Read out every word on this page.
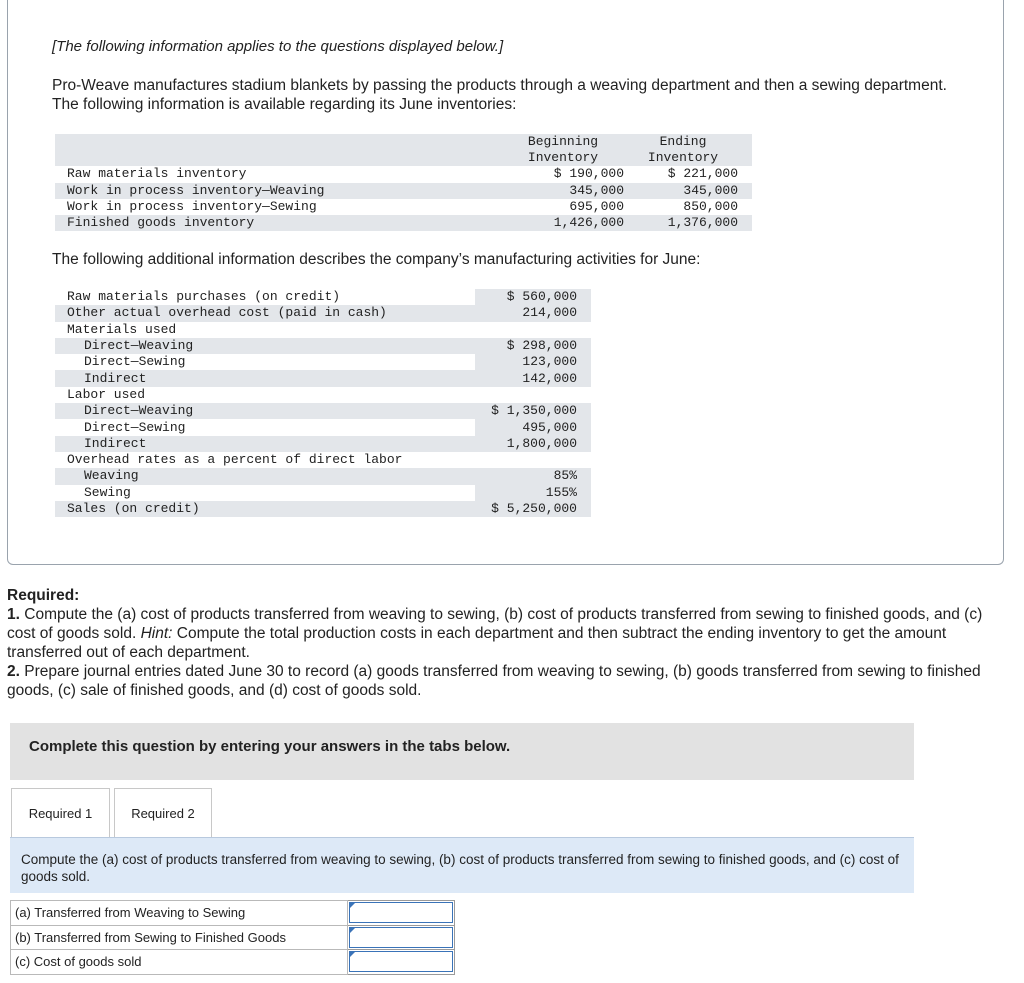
[The following information applies to the questions displayed below.]

Pro-Weave manufactures stadium blankets by passing the products through a weaving department and then a sewing department. The following information is available regarding its June inventories:

	Beginning	Ending
	Inventory	Inventory
Raw materials inventory	$ 190,000	$ 221,000
Work in process inventory—Weaving	345,000	345,000
Work in process inventory—Sewing	695,000	850,000
Finished goods inventory	1,426,000	1,376,000

The following additional information describes the company’s manufacturing activities for June:

Raw materials purchases (on credit)	$ 560,000
Other actual overhead cost (paid in cash)	214,000
Materials used	
Direct—Weaving	$ 298,000
Direct—Sewing	123,000
Indirect	142,000
Labor used	
Direct—Weaving	$ 1,350,000
Direct—Sewing	495,000
Indirect	1,800,000
Overhead rates as a percent of direct labor	
Weaving	85%
Sewing	155%
Sales (on credit)	$ 5,250,000
Required:
1. Compute the (a) cost of products transferred from weaving to sewing, (b) cost of products transferred from sewing to finished goods, and (c) cost of goods sold. Hint: Compute the total production costs in each department and then subtract the ending inventory to get the amount transferred out of each department.
2. Prepare journal entries dated June 30 to record (a) goods transferred from weaving to sewing, (b) goods transferred from sewing to finished goods, (c) sale of finished goods, and (d) cost of goods sold.
Complete this question by entering your answers in the tabs below.
Required 1	Required 2
Compute the (a) cost of products transferred from weaving to sewing, (b) cost of products transferred from sewing to finished goods, and (c) cost of goods sold.
(a) Transferred from Weaving to Sewing	

(b) Transferred from Sewing to Finished Goods	

(c) Cost of goods sold	
